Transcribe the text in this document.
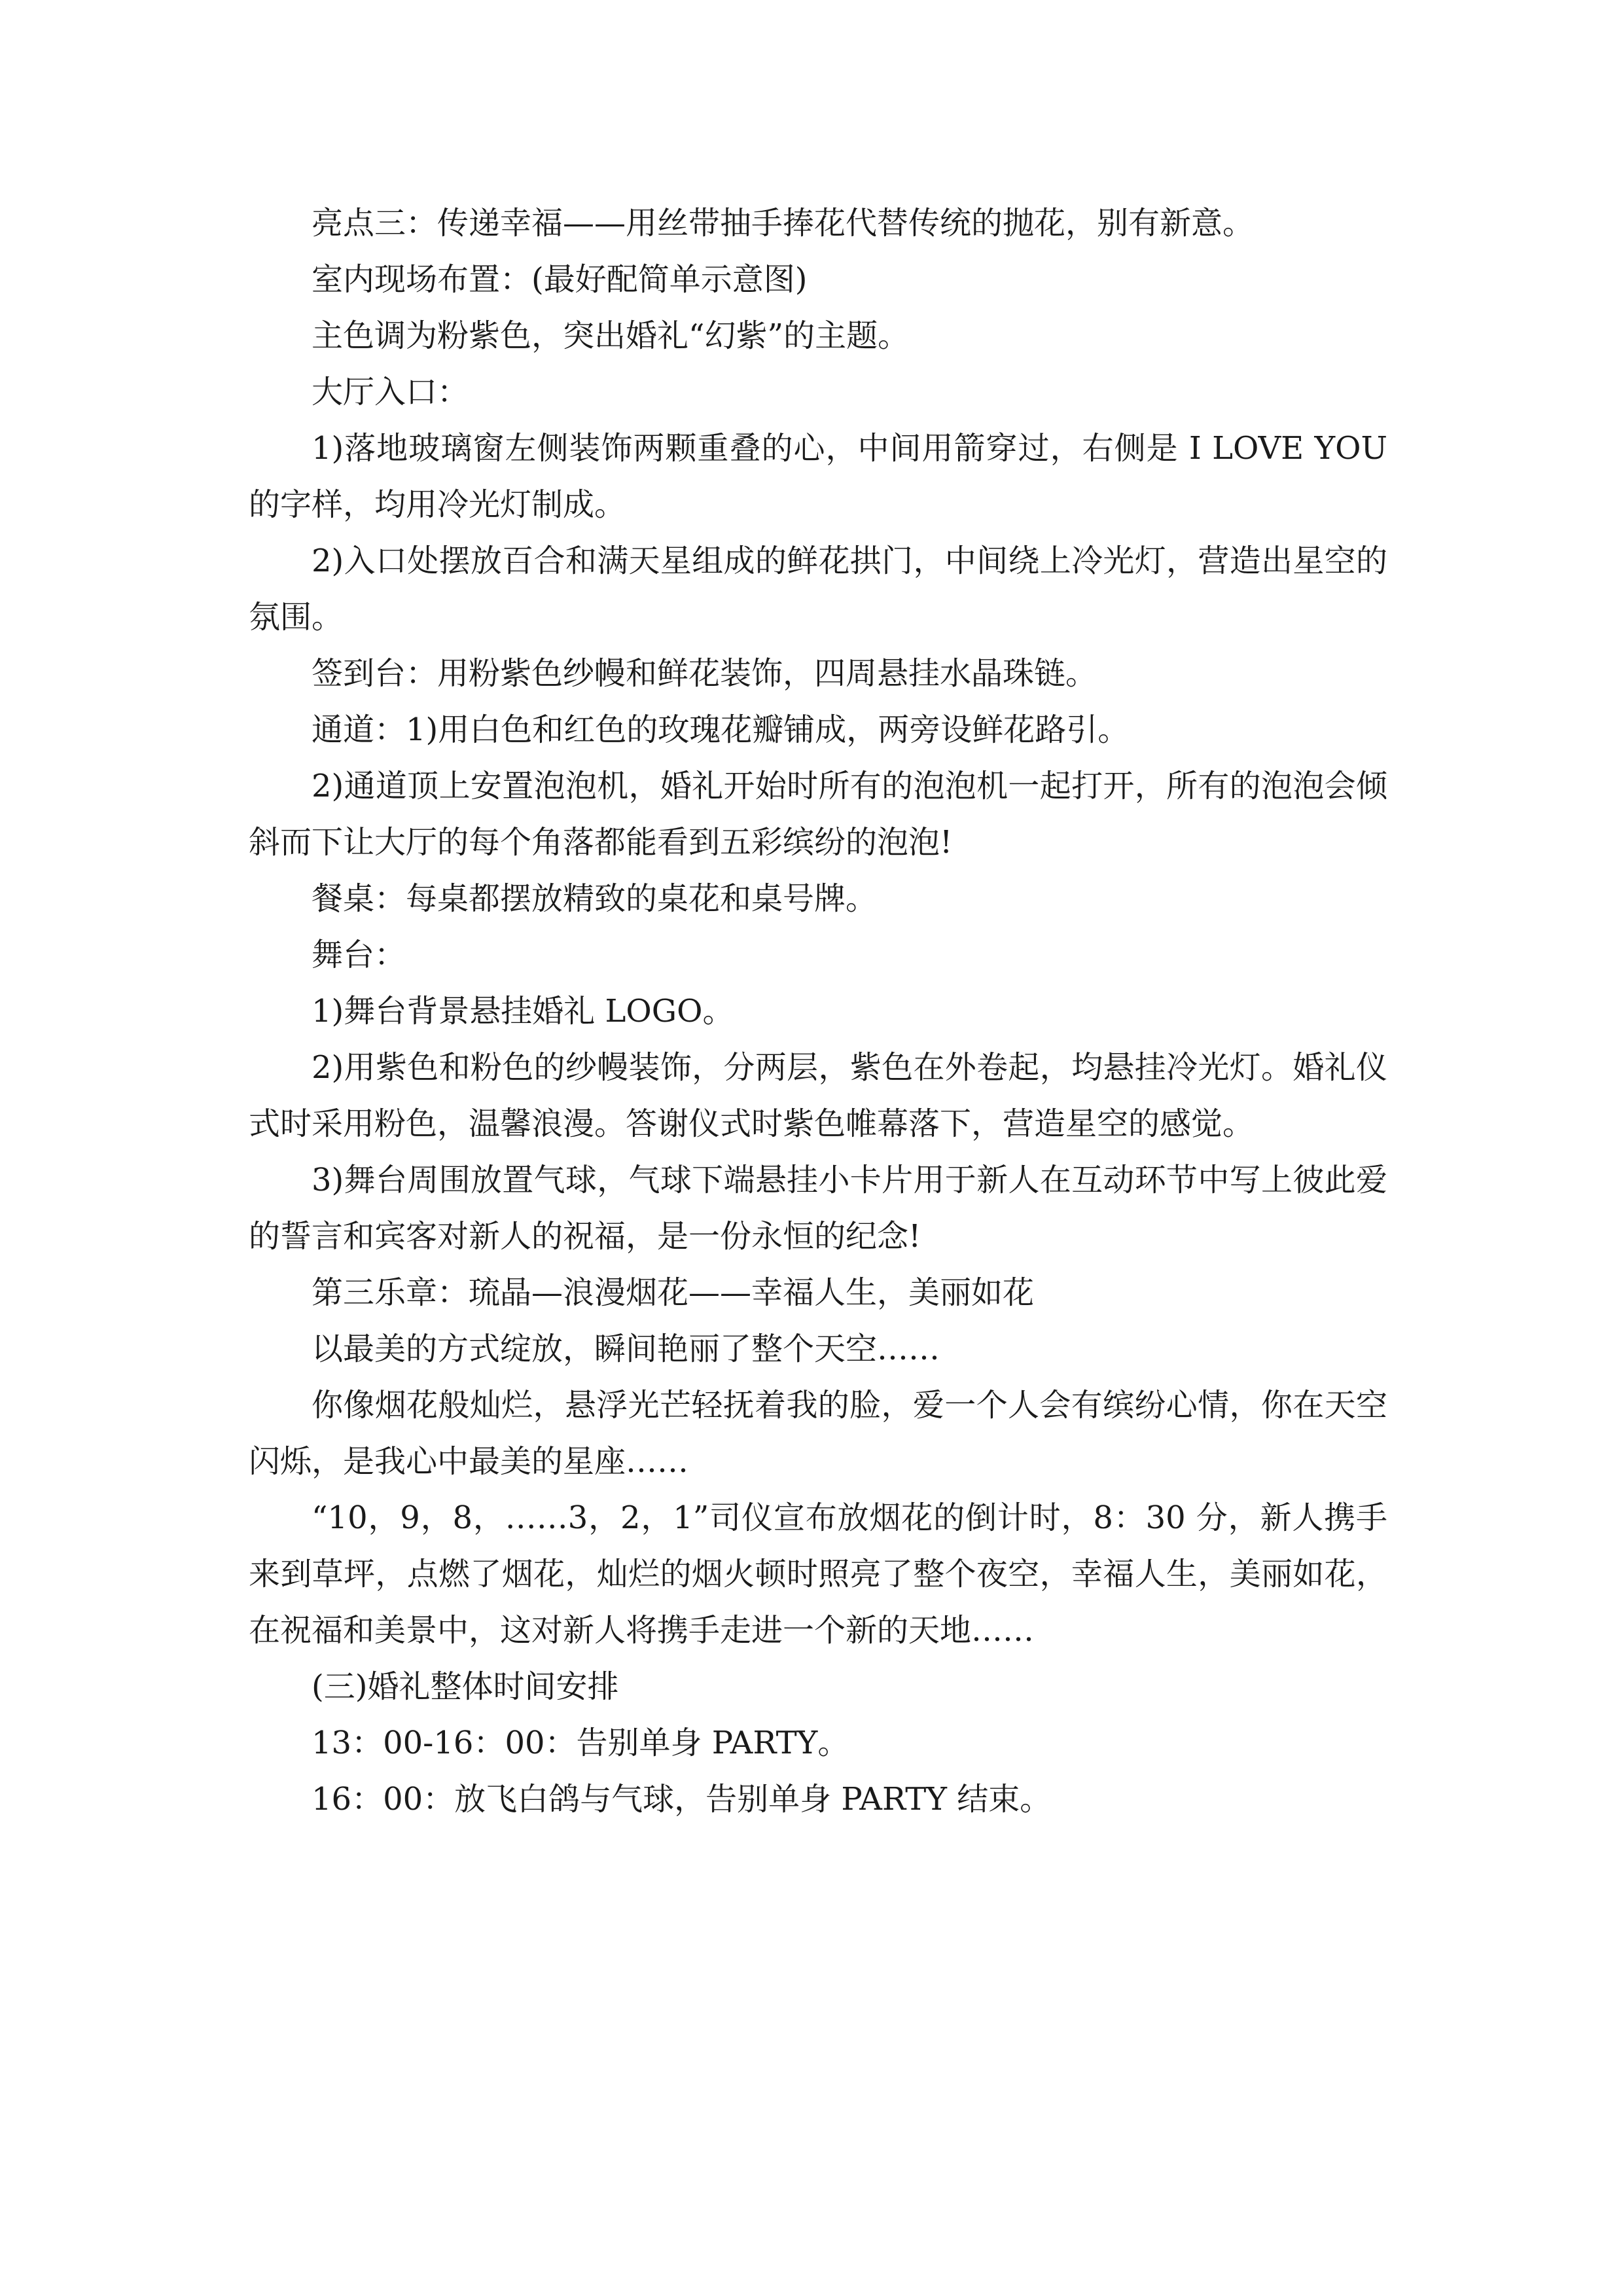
亮点三：传递幸福——用丝带抽手捧花代替传统的抛花，别有新意。

室内现场布置：(最好配简单示意图)

主色调为粉紫色，突出婚礼“幻紫”的主题。

大厅入口：

1)落地玻璃窗左侧装饰两颗重叠的心，中间用箭穿过，右侧是 I LOVE YOU 的字样，均用冷光灯制成。

2)入口处摆放百合和满天星组成的鲜花拱门，中间绕上冷光灯，营造出星空的氛围。

签到台：用粉紫色纱幔和鲜花装饰，四周悬挂水晶珠链。

通道：1)用白色和红色的玫瑰花瓣铺成，两旁设鲜花路引。

2)通道顶上安置泡泡机，婚礼开始时所有的泡泡机一起打开，所有的泡泡会倾斜而下让大厅的每个角落都能看到五彩缤纷的泡泡!

餐桌：每桌都摆放精致的桌花和桌号牌。

舞台：

1)舞台背景悬挂婚礼 LOGO。

2)用紫色和粉色的纱幔装饰，分两层，紫色在外卷起，均悬挂冷光灯。婚礼仪式时采用粉色，温馨浪漫。答谢仪式时紫色帷幕落下，营造星空的感觉。

3)舞台周围放置气球，气球下端悬挂小卡片用于新人在互动环节中写上彼此爱的誓言和宾客对新人的祝福，是一份永恒的纪念!

第三乐章：琉晶—浪漫烟花——幸福人生，美丽如花

以最美的方式绽放，瞬间艳丽了整个天空……

你像烟花般灿烂，悬浮光芒轻抚着我的脸，爱一个人会有缤纷心情，你在天空闪烁，是我心中最美的星座……

“10，9，8，……3，2，1”司仪宣布放烟花的倒计时，8：30 分，新人携手来到草坪，点燃了烟花，灿烂的烟火顿时照亮了整个夜空，幸福人生，美丽如花，在祝福和美景中，这对新人将携手走进一个新的天地……

(三)婚礼整体时间安排

13：00-16：00：告别单身 PARTY。

16：00：放飞白鸽与气球，告别单身 PARTY 结束。
